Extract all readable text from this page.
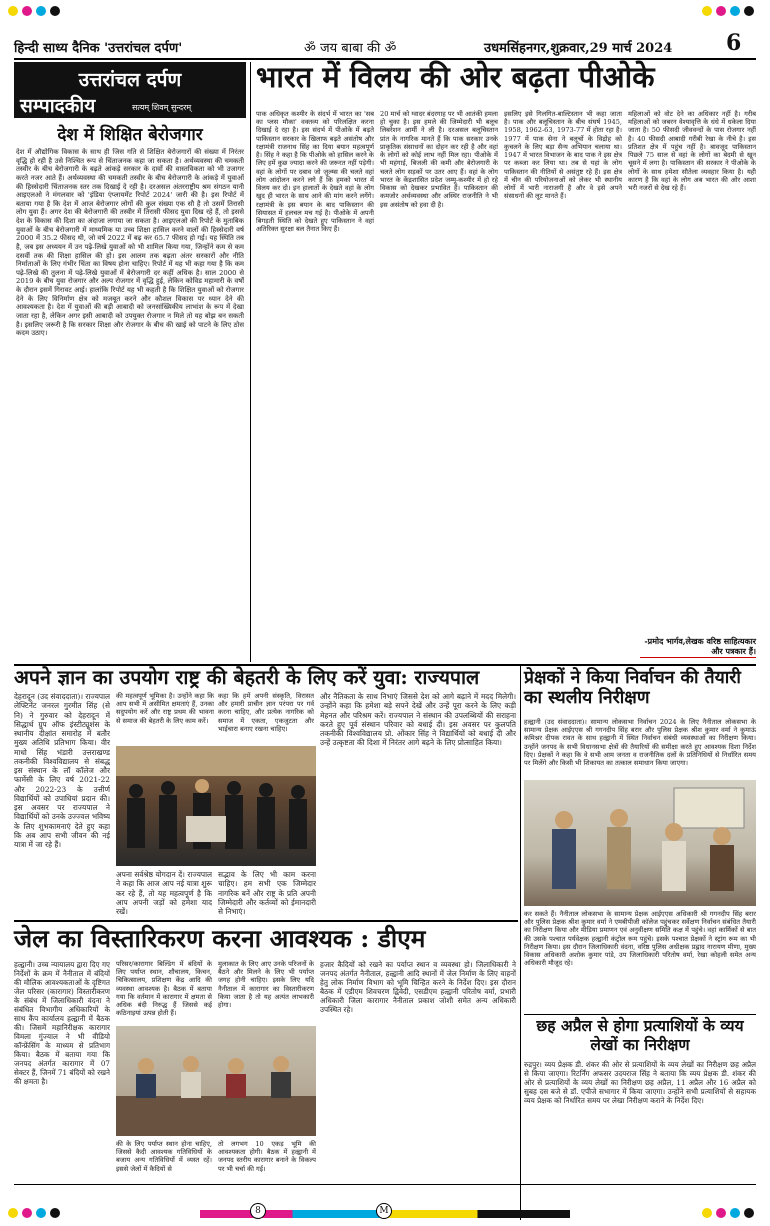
हिन्दी साध्य दैनिक 'उत्तरांचल दर्पण'	ॐ जय बाबा की ॐ	उधमसिंहनगर,शुक्रवार,29 मार्च 2024 6
उत्तरांचल दर्पण
सम्पादकीय	सत्यम् शिवम् सुन्दरम्
देश में शिक्षित बेरोजगार
देश में औद्योगिक विकास के साथ ही जिस गति से शिक्षित बेरोजगारों की संख्या में निरंतर वृद्धि हो रही है उसे निश्चित रूप से चिंताजनक कहा जा सकता है। अर्थव्यवस्था की चमकती तस्वीर के बीच बेरोजगारी के बढ़ते आंकड़े सरकार के दावों की वास्तविकता को भी उजागर करते नजर आते हैं। अर्थव्यवस्था की चमकती तस्वीर के बीच बेरोजगारी के आंकड़े में युवाओं की हिस्सेदारी चिंताजनक स्तर तक दिखाई दे रही है। दरअसल अंतरराष्ट्रीय श्रम संगठन यानी आइएलओ ने मंगलवार को 'इंडिया एंप्लायमेंट रिपोर्ट 2024' जारी की है। इस रिपोर्ट में बताया गया है कि देश में आज बेरोजगार लोगों की कुल संख्या एक सौ है तो उसमें तिरासी लोग युवा हैं। अगर देश की बेरोजगारी की तस्वीर में तिरासी फीसद युवा दिख रहे हैं, तो इससे देश के विकास की दिशा का अंदाजा लगाया जा सकता है। आइएलओ की रिपोर्ट के मुताबिक युवाओं के बीच बेरोजगारी में माध्यमिक या उच्च शिक्षा हासिल करने वालों की हिस्सेदारी वर्ष 2000 में 35.2 फीसद थी, जो वर्ष 2022 में बढ़ कर 65.7 फीसद हो गई। यह स्थिति तब है, जब इस अध्ययन में उन पढ़े-लिखे युवाओं को भी शामिल किया गया, जिन्होंने कम से कम दसवीं तक की शिक्षा हासिल की हो। इस आलम तक बढ़ता अंतर सरकारों और नीति निर्माताओं के लिए गंभीर चिंता का विषय होना चाहिए। रिपोर्ट में यह भी कहा गया है कि कम पढ़े-लिखे की तुलना में पढ़े-लिखे युवाओं में बेरोजगारी दर कहीं अधिक है। साल 2000 से 2019 के बीच युवा रोजगार और अल्प रोजगार में वृद्धि हुई, लेकिन कोविड महामारी के वर्षों के दौरान इसमें गिरावट आई। हालांकि रिपोर्ट यह भी कहती है कि शिक्षित युवाओं को रोजगार देने के लिए विनिर्माण क्षेत्र को मजबूत करने और कौशल विकास पर ध्यान देने की आवश्यकता है। देश में युवाओं की बड़ी आबादी को जनसांख्यिकीय लाभांश के रूप में देखा जाता रहा है, लेकिन अगर इसी आबादी को उपयुक्त रोजगार न मिले तो यह बोझ बन सकती है। इसलिए जरूरी है कि सरकार शिक्षा और रोजगार के बीच की खाई को पाटने के लिए ठोस कदम उठाए।
भारत में विलय की ओर बढ़ता पीओके
पाक अधिकृत कश्मीर के संदर्भ में भारत का 'सब का प्लस मौका' वक्तव्य को परिलक्षित करना दिखाई दे रहा है। इस संदर्भ में पीओके में बढ़ते पाकिस्तान सरकार के खिलाफ बढ़ते असंतोष और रक्षामंत्री राजनाथ सिंह का दिया बयान महत्वपूर्ण है। सिंह ने कहा है कि पीओके को हासिल करने के लिए हमें कुछ ज्यादा करने की जरूरत नहीं पड़ेगी। वहां के लोगों पर दबाव जो जुल्म्स की चलते वहां लोग आंदोलन करने लगे हैं कि हमको भारत में विलय कर दो। इन हालातों के देखते वहां के लोग खुद ही भारत के साथ आने की मांग करने लगेंगे। रक्षामंत्री के इस बयान के बाद पाकिस्तान की सियासत में हलचल मच गई है। पीओके में अपनी बिगड़ती स्थिति को देखते हुए पाकिस्तान ने वहां अतिरिक्त सुरक्षा बल तैनात किए हैं।
20 मार्च को ग्वादर बंदरगाह पर भी आतंकी हमला हो चुका है। इस हमले की जिम्मेदारी भी बलूच लिबरेशन आर्मी ने ली है। दरअसल बलूचिस्तान प्रांत के नागरिक मानते हैं कि पाक सरकार उनके प्राकृतिक संसाधनों का दोहन कर रही है और वहां के लोगों को कोई लाभ नहीं मिल रहा। पीओके में भी महंगाई, बिजली की कमी और बेरोजगारी के चलते लोग सड़कों पर उतर आए हैं। वहां के लोग भारत के केंद्रशासित प्रदेश जम्मू-कश्मीर में हो रहे विकास को देखकर प्रभावित हैं। पाकिस्तान की कमजोर अर्थव्यवस्था और अस्थिर राजनीति ने भी इस असंतोष को हवा दी है।
इसलिए इसे गिलगित-बाल्टिस्तान भी कहा जाता है। पाक और बलूचिस्तान के बीच संघर्ष 1945, 1958, 1962-63, 1973-77 में होता रहा है। 1977 में पाक सेना ने बलूचों के विद्रोह को कुचलने के लिए बड़ा सैन्य अभियान चलाया था। 1947 में भारत विभाजन के बाद पाक ने इस क्षेत्र पर कब्जा कर लिया था। तब से यहां के लोग पाकिस्तान की नीतियों से असंतुष्ट रहे हैं। इस क्षेत्र में चीन की परियोजनाओं को लेकर भी स्थानीय लोगों में भारी नाराजगी है और वे इसे अपने संसाधनों की लूट मानते हैं।
महिलाओं को वोट देने का अधिकार नहीं है। गरीब महिलाओं को जबरन वेश्यावृत्ति के धंधे में धकेला दिया जाता है। 50 फीसदी जीववन्दों के पास रोजगार नहीं है। 40 फीसदी आबादी गरीबी रेखा के नीचे है। इस प्रतिशत क्षेत्र में पहुंच नहीं है। बावजूद पाकिस्तान पिछले 75 साल से वहां के लोगों का बेदमी से खून चूसने में लगा है। पाकिस्तान की सरकार ने पीओके के लोगों के साथ हमेशा सौतेला व्यवहार किया है। यही कारण है कि वहां के लोग अब भारत की ओर आशा भरी नजरों से देख रहे हैं।
-प्रमोद भार्गव,लेखक वरिष्ठ साहित्यकार और पत्रकार हैं।
अपने ज्ञान का उपयोग राष्ट्र की बेहतरी के लिए करें युवा: राज्यपाल
देहरादून (उद संवाददाता)। राज्यपाल लेफ्टिनेंट जनरल गुरमीत सिंह (से नि) ने गुरुवार को देहरादून में सिद्धार्थ ग्रुप ऑफ इंस्टीट्यूशंस के स्थानीय दीक्षांत समारोह में बतौर मुख्य अतिथि प्रतिभाग किया। वीर माधो सिंह भंडारी उत्तराखण्ड तकनीकी विश्वविद्यालय से संबद्ध इस संस्थान के लॉ कॉलेज और फार्मेसी के लिए वर्ष 2021-22 और 2022-23 के उत्तीर्ण विद्यार्थियों को उपाधियां प्रदान की। इस अवसर पर राज्यपाल ने विद्यार्थियों को उनके उज्ज्वल भविष्य के लिए शुभकामनाएं देते हुए कहा कि अब आप सभी जीवन की नई यात्रा में जा रहे हैं।
की महत्वपूर्ण भूमिका है। उन्होंने कहा कि आप सभी में असीमित क्षमताएं हैं, उनका सदुपयोग करें और राष्ट्र प्रथम की भावना से समाज की बेहतरी के लिए काम करें।
कहा कि हमें अपनी संस्कृति, विरासत और हमारी प्राचीन ज्ञान परंपरा पर गर्व करना चाहिए, और प्रत्येक नागरिक को समाज में एकता, एकजुटता और भाईचारा बनाए रखना चाहिए।
और नैतिकता के साथ निभाएं जिससे देश को आगे बढ़ाने में मदद मिलेगी। उन्होंने कहा कि हमेशा बड़े सपने देखें और उन्हें पूरा करने के लिए कड़ी मेहनत और परिश्रम करें। राज्यपाल ने संस्थान की उपलब्धियों की सराहना करते हुए पूर्व संस्थान परिवार को बधाई दी। इस अवसर पर कुलपति तकनीकी विश्वविद्यालय प्रो. ओंकार सिंह ने विद्यार्थियों को बधाई दी और उन्हें उत्कृष्टता की दिशा में निरंतर आगे बढ़ने के लिए प्रोत्साहित किया।
अपना सर्वश्रेष्ठ योगदान दें। राज्यपाल ने कहा कि आज आप नई यात्रा शुरू कर रहे हैं, तो यह महत्वपूर्ण है कि आप अपनी जड़ों को हमेशा याद रखें।
सद्भाव के लिए भी काम करना चाहिए। हम सभी एक जिम्मेदार नागरिक बनें और राष्ट्र के प्रति अपनी जिम्मेदारी और कर्तव्यों को ईमानदारी से निभाएं।
प्रेक्षकों ने किया निर्वाचन की तैयारी का स्थलीय निरीक्षण
हल्द्वानी (उद संवाददाता)। सामान्य लोकसभा निर्वाचन 2024 के लिए नैनीताल लोकसभा के सामान्य प्रेक्षक आईएएस श्री गगनदीप सिंह बरार और पुलिस प्रेक्षक श्रीश कुमार वर्मा ने कुमाऊं कमिश्नर दीपक रावत के साथ हल्द्वानी में स्थित निर्वाचन संबंधी व्यवस्थाओं का निरीक्षण किया। उन्होंने जनपद के सभी विधानसभा क्षेत्रों की तैयारियों की समीक्षा करते हुए आवश्यक दिशा निर्देश दिए। प्रेक्षकों ने कहा कि वे सभी आम जनता व राजनीतिक दलों के प्रतिनिधियों से निर्धारित समय पर मिलेंगे और किसी भी शिकायत का तत्काल समाधान किया जाएगा।
कर सकते हैं। नैनीताल लोकसभा के सामान्य प्रेक्षक आईएएस अधिकारी श्री गगनदीप सिंह बरार और पुलिस प्रेक्षक श्रीश कुमार वर्मा ने एमबीपीजी कॉलेज पहुंचकर सर्वेक्षण निर्वाचन संबंधित तैयारी का निरीक्षण किया और मीडिया प्रमाणन एवं अनुवीक्षण समिति कक्ष में पहुंचे। वहां कार्मिकों से बात की उसके पश्चात पर्यवेक्षक हल्द्वानी कंट्रोल रूम पहुंचे। इसके पश्चात प्रेक्षकों ने स्ट्रांग रूम का भी निरीक्षण किया। इस दौरान जिलाधिकारी वंदना, वरिष्ठ पुलिस अधीक्षक प्रह्लाद नारायण मीणा, मुख्य विकास अधिकारी अशोक कुमार पांडे, उप जिलाधिकारी परितोष वर्मा, रेखा कोहली समेत अन्य अधिकारी मौजूद रहे।
छह अप्रैल से होगा प्रत्याशियों के व्यय लेखों का निरीक्षण
रुद्रपुर। व्यय प्रेक्षक डी. शंकर की ओर से प्रत्याशियों के व्यय लेखों का निरीक्षण छह अप्रैल से किया जाएगा। रिटर्निंग अफसर उदयराज सिंह ने बताया कि व्यय प्रेक्षक डी. शंकर की ओर से प्रत्याशियों के व्यय लेखों का निरीक्षण छह अप्रैल, 11 अप्रैल और 16 अप्रैल को सुबह दस बजे से डॉ. एपीजे सभागार में किया जाएगा। उन्होंने सभी प्रत्याशियों से सहायक व्यय प्रेक्षक को निर्धारित समय पर लेखा निरीक्षण कराने के निर्देश दिए।
जेल का विस्तारिकरण करना आवश्यक : डीएम
हल्द्वानी। उच्च न्यायालय द्वारा दिए गए निर्देशों के क्रम में नैनीताल में बंदियों की मौलिक आवश्यकताओं के दृष्टिगत जेल परिसर (कारागार) विस्तारीकरण के संबंध में जिलाधिकारी वंदना ने संबंधित विभागीय अधिकारियों के साथ कैंप कार्यालय हल्द्वानी में बैठक की। जिसमें महानिरीक्षक कारागार विमला गुंज्याल ने भी वीडियो कॉन्फ्रेंसिंग के माध्यम से प्रतिभाग किया। बैठक में बताया गया कि जनपद अंतर्गत कारागार में 07 सेक्टर हैं, जिनमें 71 बंदियों को रखने की क्षमता है।
परिसर/कारागार बिल्डिंग में बंदियों के लिए पर्याप्त स्थान, शौचालय, किचन, चिकित्सालय, प्रशिक्षण केंद्र आदि की व्यवस्था आवश्यक है। बैठक में बताया गया कि वर्तमान में कारागार में क्षमता से अधिक बंदी निरुद्ध हैं जिससे कई कठिनाइयां उत्पन्न होती हैं।
मुलाकात के लिए आए उनके परिजनों के बैठने और मिलने के लिए भी पर्याप्त जगह होनी चाहिए। इसके लिए यदि नैनीताल में कारागार का विस्तारीकरण किया जाता है तो यह अत्यंत लाभकारी होगा।
हजार कैदियों को रखने का पर्याप्त स्थान व व्यवस्था हो। जिलाधिकारी ने जनपद अंतर्गत नैनीताल, हल्द्वानी आदि स्थानों में जेल निर्माण के लिए वाहनों हेतु लोक निर्माण विभाग को भूमि चिन्हित करने के निर्देश दिए। इस दौरान बैठक में एडीएम शिवचरण द्विवेदी, एसडीएम हल्द्वानी परितोष वर्मा, प्रभारी अधिकारी जिला कारागार नैनीताल प्रकाश जोशी समेत अन्य अधिकारी उपस्थित रहे।
की के लिए पर्याप्त स्थान होना चाहिए, जिससे कैदी आवश्यक गतिविधियों के बजाय अन्य गतिविधियों में व्यस्त रहें। इससे जेलों में कैदियों से
तो लगभग 10 एकड़ भूमि की आवश्यकता होगी। बैठक में हल्द्वानी में जनपद स्तरीय कारागार बनाने के विकल्प पर भी चर्चा की गई।
8	M
